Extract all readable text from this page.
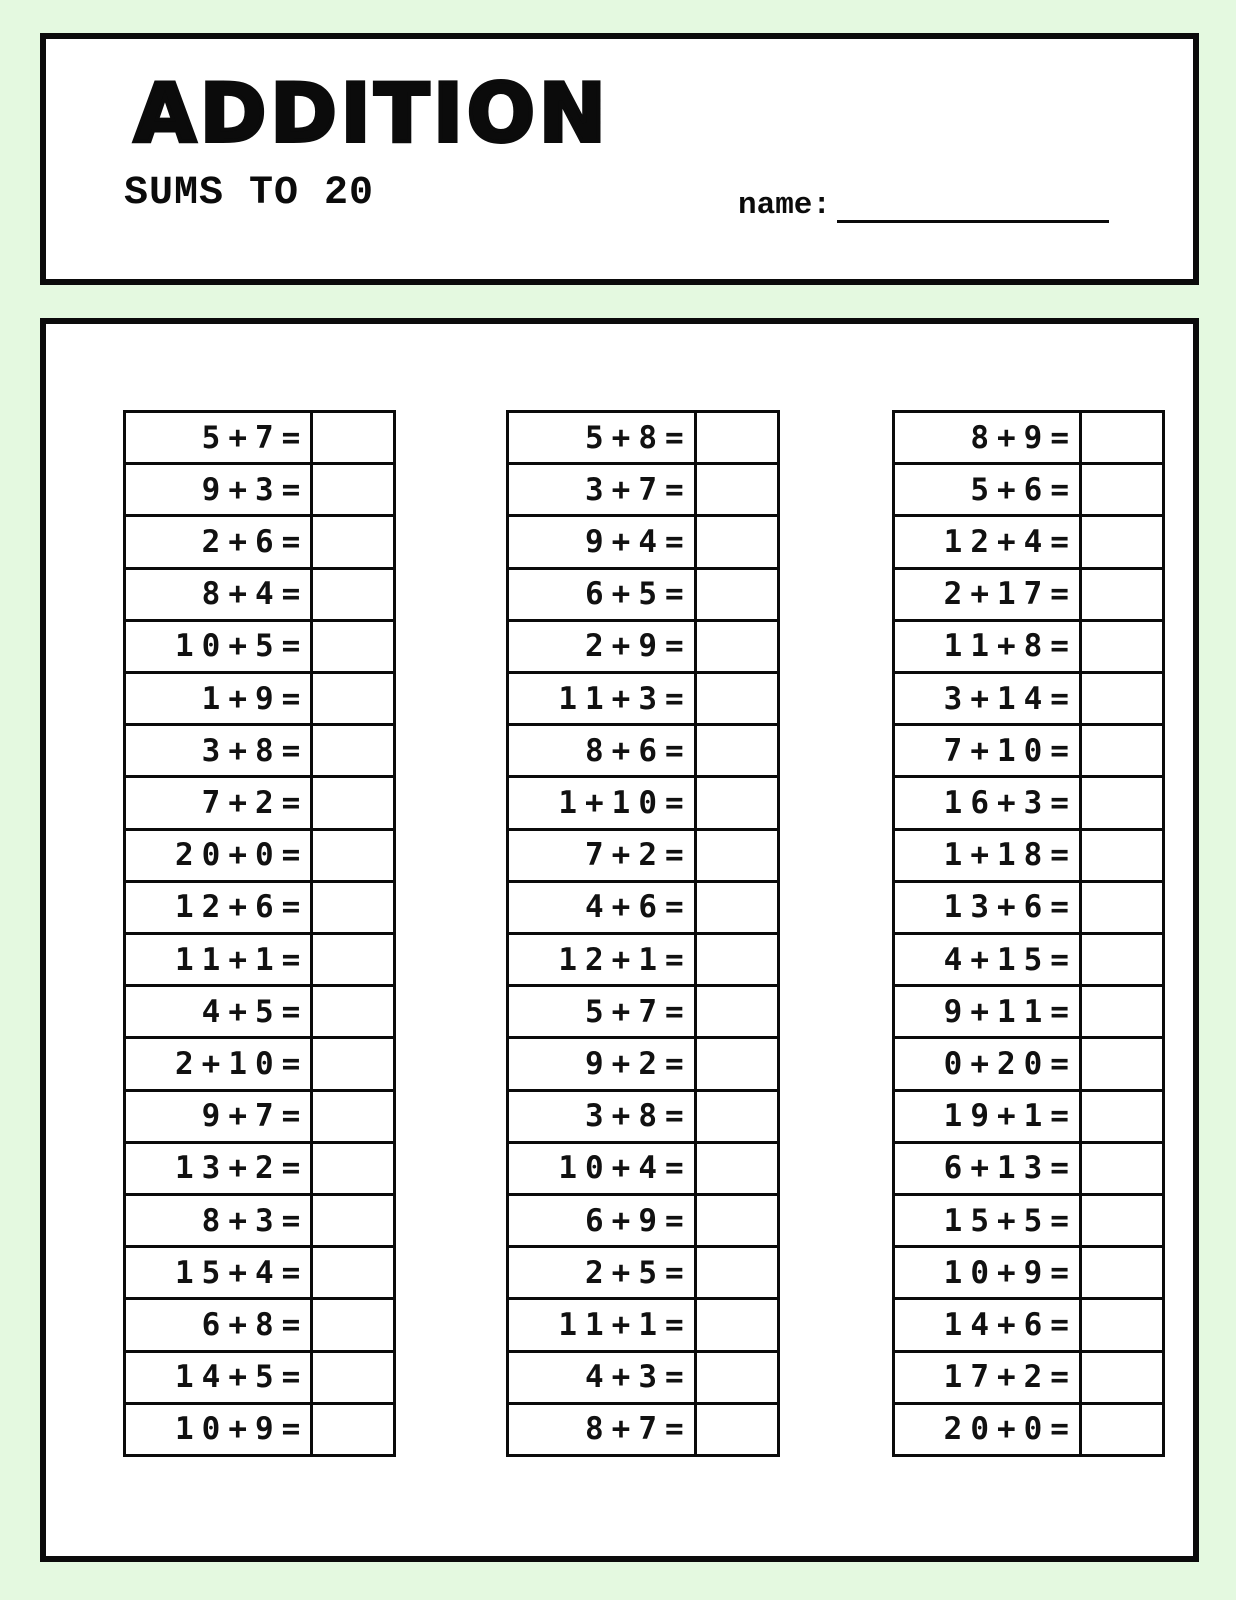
ADDITION
SUMS TO 20	name:
5+7=
9+3=
2+6=
8+4=
10+5=
1+9=
3+8=
7+2=
20+0=
12+6=
11+1=
4+5=
2+10=
9+7=
13+2=
8+3=
15+4=
6+8=
14+5=
10+9=
5+8=
3+7=
9+4=
6+5=
2+9=
11+3=
8+6=
1+10=
7+2=
4+6=
12+1=
5+7=
9+2=
3+8=
10+4=
6+9=
2+5=
11+1=
4+3=
8+7=
8+9=
5+6=
12+4=
2+17=
11+8=
3+14=
7+10=
16+3=
1+18=
13+6=
4+15=
9+11=
0+20=
19+1=
6+13=
15+5=
10+9=
14+6=
17+2=
20+0=
